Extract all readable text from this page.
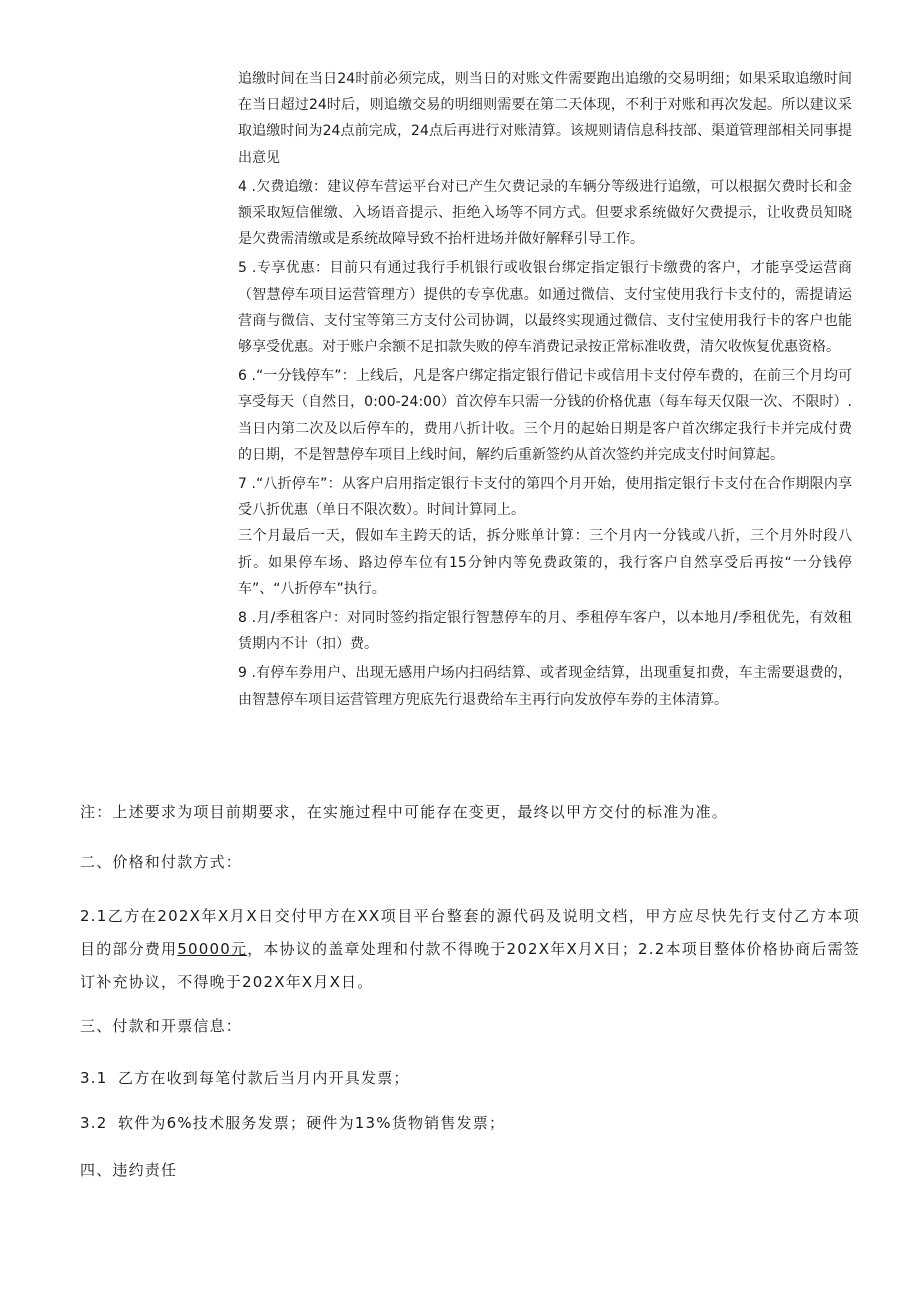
追缴时间在当日24时前必须完成，则当日的对账文件需要跑出追缴的交易明细；如果采取追缴时间在当日超过24时后，则追缴交易的明细则需要在第二天体现，不利于对账和再次发起。所以建议采取追缴时间为24点前完成，24点后再进行对账清算。该规则请信息科技部、渠道管理部相关同事提出意见

4 .欠费追缴：建议停车营运平台对已产生欠费记录的车辆分等级进行追缴，可以根据欠费时长和金额采取短信催缴、入场语音提示、拒绝入场等不同方式。但要求系统做好欠费提示，让收费员知晓是欠费需清缴或是系统故障导致不抬杆进场并做好解释引导工作。

5 .专享优惠：目前只有通过我行手机银行或收银台绑定指定银行卡缴费的客户，才能享受运营商（智慧停车项目运营管理方）提供的专享优惠。如通过微信、支付宝使用我行卡支付的，需提请运营商与微信、支付宝等第三方支付公司协调，以最终实现通过微信、支付宝使用我行卡的客户也能够享受优惠。对于账户余额不足扣款失败的停车消费记录按正常标准收费，清欠收恢复优惠资格。

6 .“一分钱停车”：上线后，凡是客户绑定指定银行借记卡或信用卡支付停车费的，在前三个月均可享受每天（自然日，0:00-24:00）首次停车只需一分钱的价格优惠（每车每天仅限一次、不限时）.当日内第二次及以后停车的，费用八折计收。三个月的起始日期是客户首次绑定我行卡并完成付费的日期，不是智慧停车项目上线时间，解约后重新签约从首次签约并完成支付时间算起。

7 .“八折停车”：从客户启用指定银行卡支付的第四个月开始，使用指定银行卡支付在合作期限内享受八折优惠（单日不限次数）。时间计算同上。

三个月最后一天，假如车主跨天的话，拆分账单计算：三个月内一分钱或八折，三个月外时段八折。如果停车场、路边停车位有15分钟内等免费政策的，我行客户自然享受后再按“一分钱停车”、“八折停车”执行。

8 .月/季租客户：对同时签约指定银行智慧停车的月、季租停车客户，以本地月/季租优先，有效租赁期内不计（扣）费。

9 .有停车券用户、出现无感用户场内扫码结算、或者现金结算，出现重复扣费，车主需要退费的，由智慧停车项目运营管理方兜底先行退费给车主再行向发放停车券的主体清算。

注：上述要求为项目前期要求，在实施过程中可能存在变更，最终以甲方交付的标准为准。

二、价格和付款方式：

2.1乙方在202X年X月X日交付甲方在XX项目平台整套的源代码及说明文档，甲方应尽快先行支付乙方本项目的部分费用50000元，本协议的盖章处理和付款不得晚于202X年X月X日；2.2本项目整体价格协商后需签订补充协议，不得晚于202X年X月X日。

三、付款和开票信息：

3.1 乙方在收到每笔付款后当月内开具发票；

3.2 软件为6%技术服务发票；硬件为13%货物销售发票；

四、违约责任
